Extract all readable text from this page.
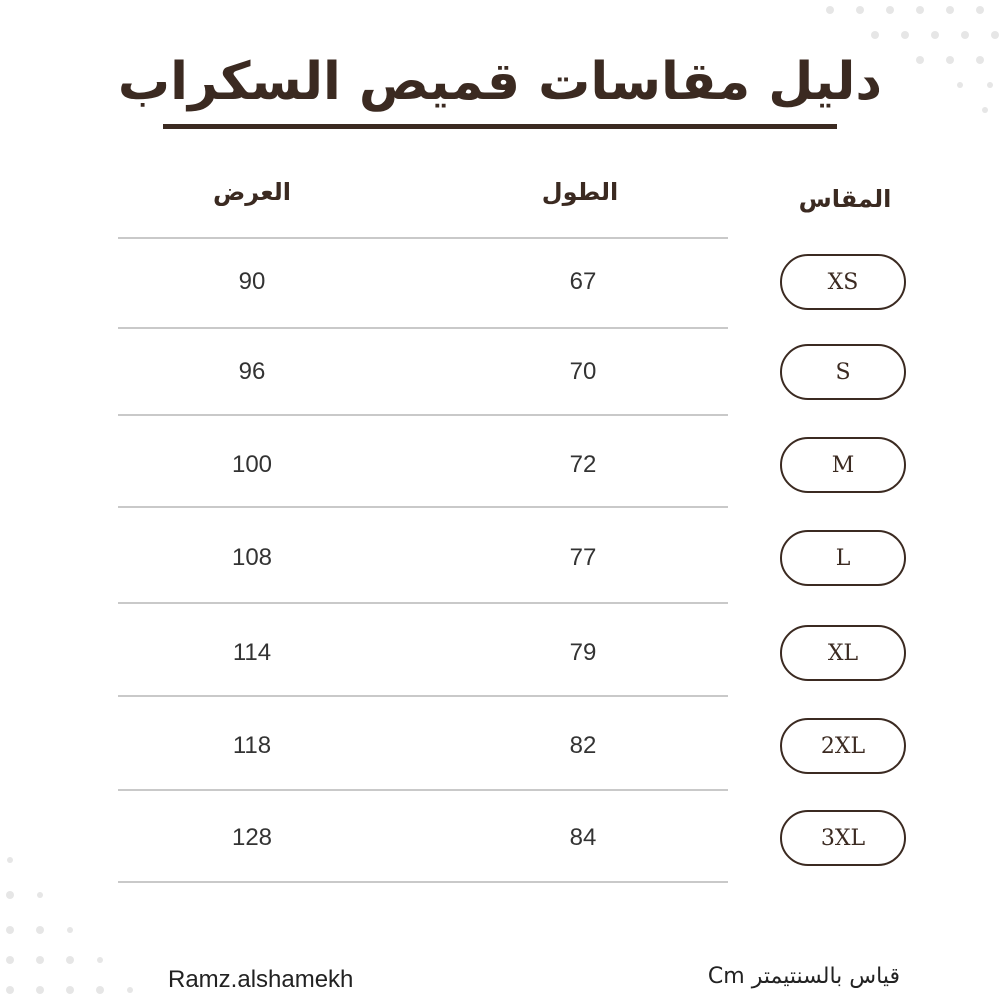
دليل مقاسات قميص السكراب
المقاس
الطول
العرض
XS
67
90
S
70
96
M
72
100
L
77
108
XL
79
114
2XL
82
118
3XL
84
128
Ramz.alshamekh	قياس بالسنتيمتر Cm
